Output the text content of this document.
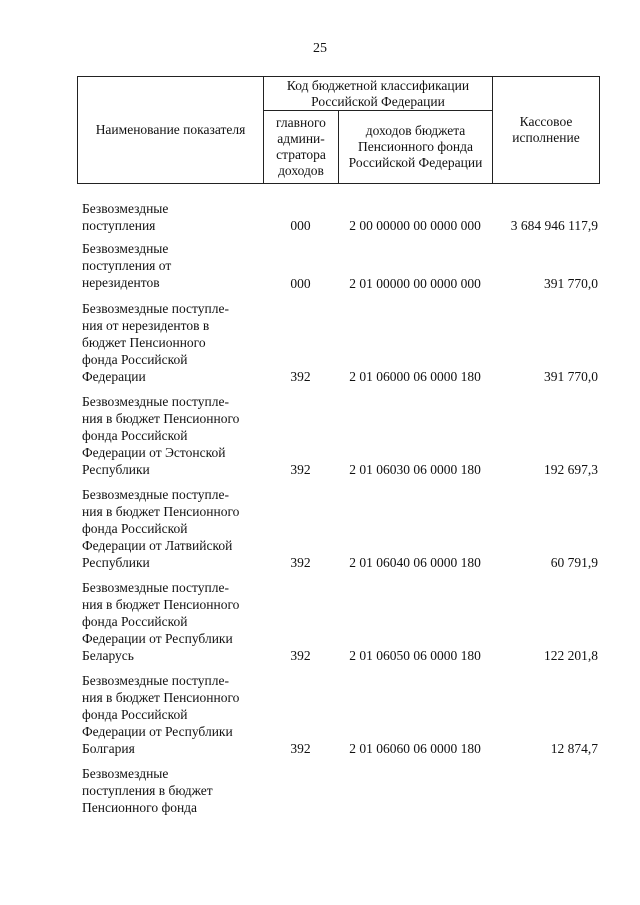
25
Наименование показателя
Код бюджетной классификации Российской Федерации
главного админи- стратора доходов
доходов бюджета Пенсионного фонда Российской Федерации
Кассовое исполнение
Безвозмездные
поступления	000	2 00 00000 00 0000 000	3 684 946 117,9
Безвозмездные
поступления от
нерезидентов	000	2 01 00000 00 0000 000	391 770,0
Безвозмездные поступле-
ния от нерезидентов в
бюджет Пенсионного
фонда Российской
Федерации	392	2 01 06000 06 0000 180	391 770,0
Безвозмездные поступле-
ния в бюджет Пенсионного
фонда Российской
Федерации от Эстонской
Республики	392	2 01 06030 06 0000 180	192 697,3
Безвозмездные поступле-
ния в бюджет Пенсионного
фонда Российской
Федерации от Латвийской
Республики	392	2 01 06040 06 0000 180	60 791,9
Безвозмездные поступле-
ния в бюджет Пенсионного
фонда Российской
Федерации от Республики
Беларусь	392	2 01 06050 06 0000 180	122 201,8
Безвозмездные поступле-
ния в бюджет Пенсионного
фонда Российской
Федерации от Республики
Болгария	392	2 01 06060 06 0000 180	12 874,7
Безвозмездные
поступления в бюджет
Пенсионного фонда
